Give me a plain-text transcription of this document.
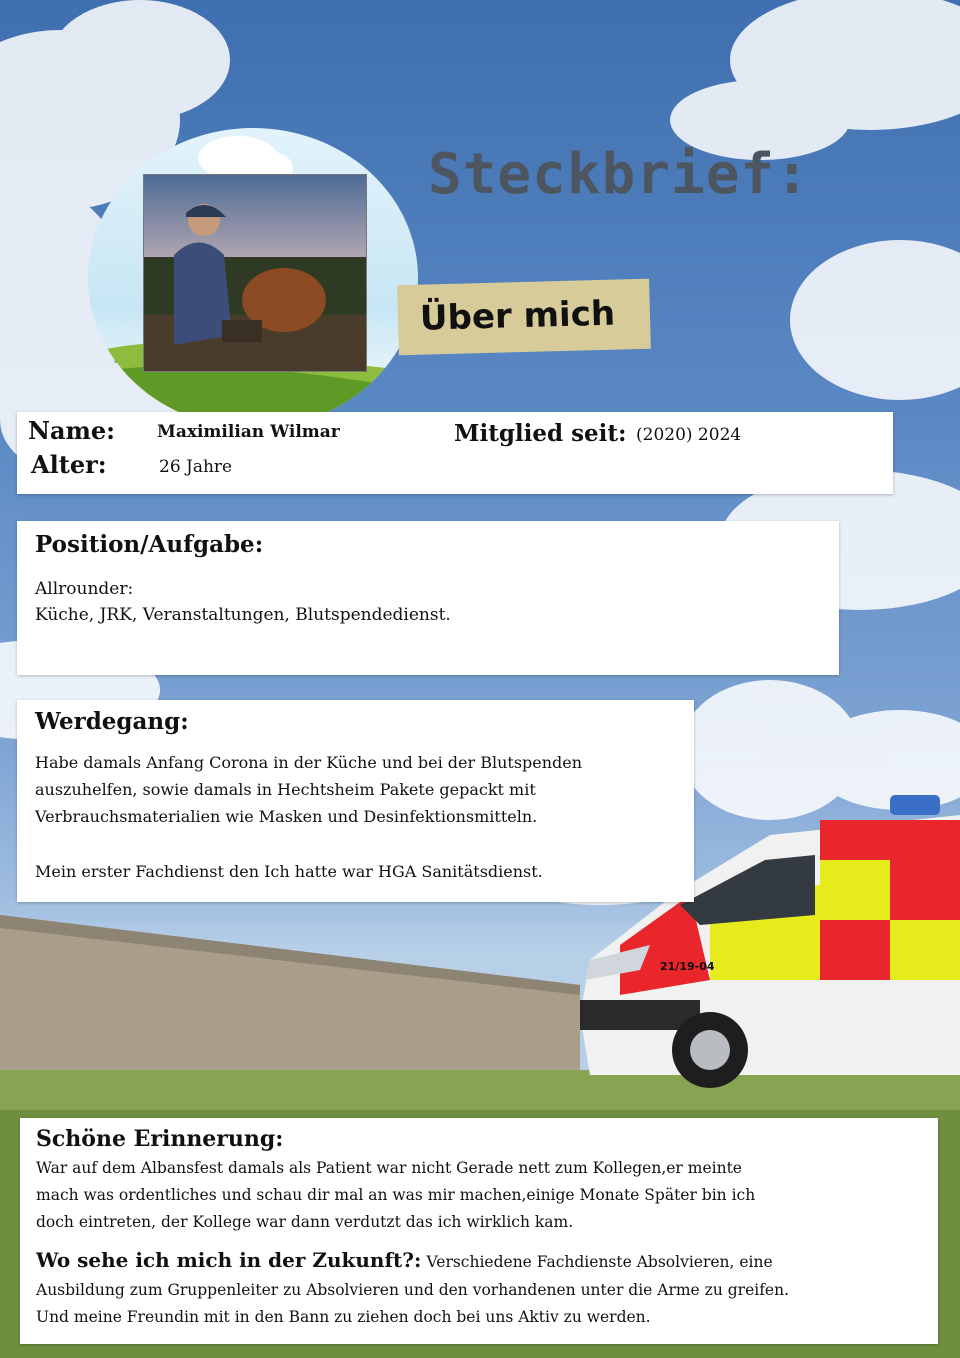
21/19-04
Steckbrief:
Über mich
Name: Maximilian Wilmar
Alter:	26 Jahre
Mitglied seit: (2020) 2024
Position/Aufgabe:
Allrounder:
Küche, JRK, Veranstaltungen, Blutspendedienst.
Werdegang:
Habe damals Anfang Corona in der Küche und bei der Blutspenden
auszuhelfen, sowie damals in Hechtsheim Pakete gepackt mit
Verbrauchsmaterialien wie Masken und Desinfektionsmitteln.
Mein erster Fachdienst den Ich hatte war HGA Sanitätsdienst.
Schöne Erinnerung:
War auf dem Albansfest damals als Patient war nicht Gerade nett zum Kollegen,er meinte
mach was ordentliches und schau dir mal an was mir machen,einige Monate Später bin ich
doch eintreten, der Kollege war dann verdutzt das ich wirklich kam.
Wo sehe ich mich in der Zukunft?: Verschiedene Fachdienste Absolvieren, eine
Ausbildung zum Gruppenleiter zu Absolvieren und den vorhandenen unter die Arme zu greifen.
Und meine Freundin mit in den Bann zu ziehen doch bei uns Aktiv zu werden.
